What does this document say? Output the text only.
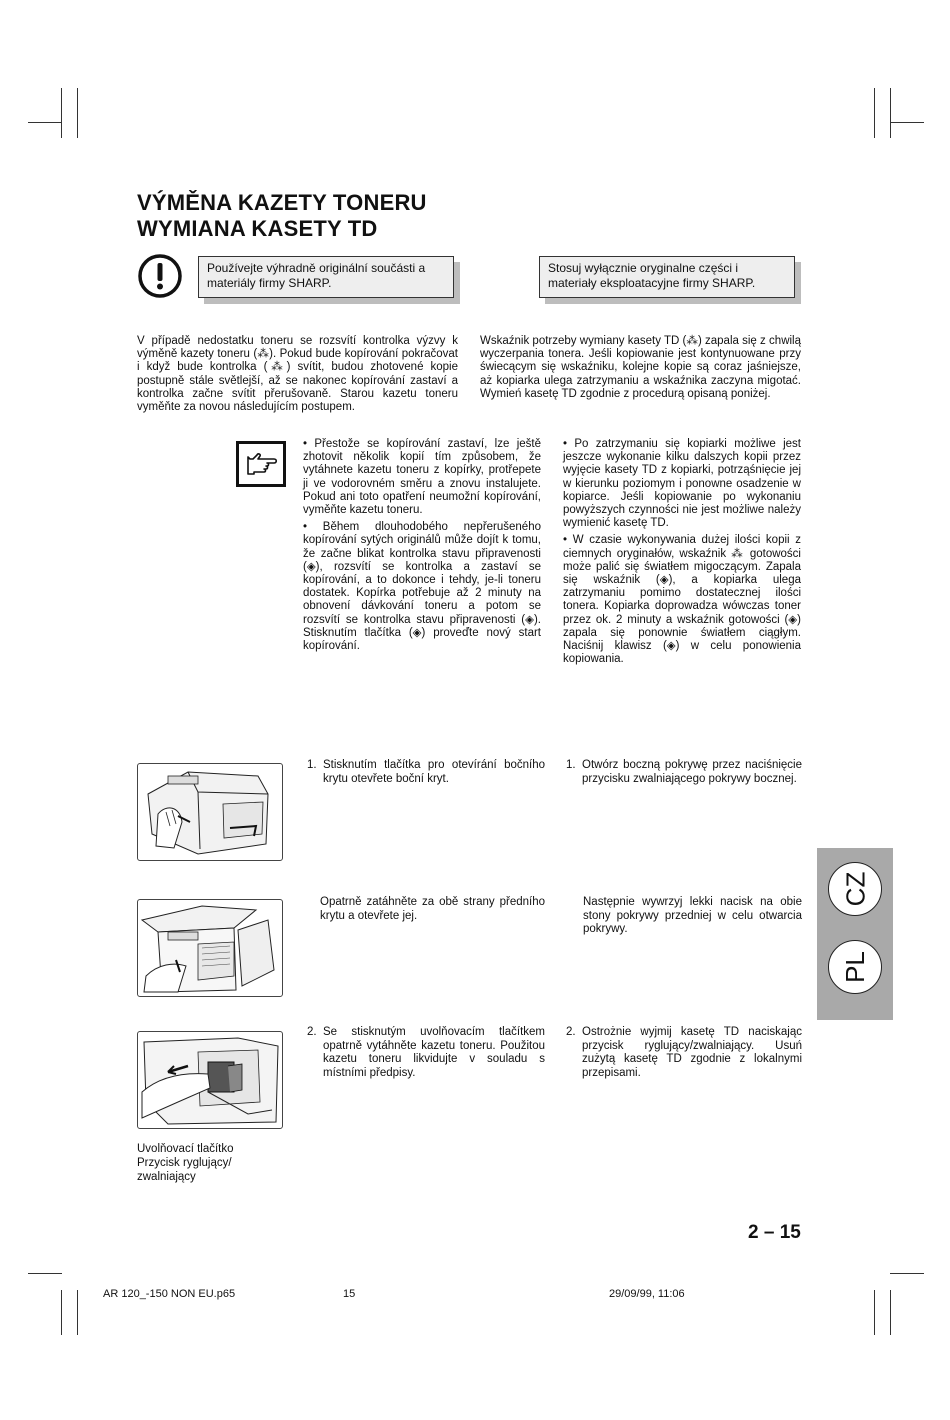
VÝMĚNA KAZETY TONERU
WYMIANA KASETY TD
Používejte výhradně originální součásti a materiály firmy SHARP.
Stosuj wyłącznie oryginalne części i materiały eksploatacyjne firmy SHARP.

V případě nedostatku toneru se rozsvítí kontrolka výzvy k výměně kazety toneru (⁂). Pokud bude kopírování pokračovat i když bude kontrolka (⁂) svítit, budou zhotovené kopie postupně stále světlejší, až se nakonec kopírování zastaví a kontrolka začne svítit přerušovaně. Starou kazetu toneru vyměňte za novou následujícím postupem.

Wskaźnik potrzeby wymiany kasety TD (⁂) zapala się z chwilą wyczerpania tonera. Jeśli kopiowanie jest kontynuowane przy świecącym się wskaźniku, kolejne kopie są coraz jaśniejsze, aż kopiarka ulega zatrzymaniu a wskaźnika zaczyna migotać. Wymień kasetę TD zgodnie z procedurą opisaną poniżej.

• Přestože se kopírování zastaví, lze ještě zhotovit několik kopií tím způsobem, že vytáhnete kazetu toneru z kopírky, protřepete ji ve vodorovném směru a znovu instalujete. Pokud ani toto opatření neumožní kopírování, vyměňte kazetu toneru.

• Během dlouhodobého nepřerušeného kopírování sytých originálů může dojít k tomu, že začne blikat kontrolka stavu připravenosti (◈), rozsvítí se kontrolka a zastaví se kopírování, a to dokonce i tehdy, je-li toneru dostatek. Kopírka potřebuje až 2 minuty na obnovení dávkování toneru a potom se rozsvítí se kontrolka stavu připravenosti (◈). Stisknutím tlačítka (◈) proveďte nový start kopírování.

• Po zatrzymaniu się kopiarki możliwe jest jeszcze wykonanie kilku dalszych kopii przez wyjęcie kasety TD z kopiarki, potrząśnięcie jej w kierunku poziomym i ponowne osadzenie w kopiarce. Jeśli kopiowanie po wykonaniu powyższych czynności nie jest możliwe należy wymienić kasetę TD.

• W czasie wykonywania dużej ilości kopii z ciemnych oryginałów, wskaźnik ⁂ gotowości może palić się światłem migoczącym. Zapala się wskaźnik (◈), a kopiarka ulega zatrzymaniu pomimo dostatecznej ilości tonera. Kopiarka doprowadza wówczas toner przez ok. 2 minuty a wskaźnik gotowości (◈) zapala się ponownie światłem ciągłym. Naciśnij klawisz (◈) w celu ponowienia kopiowania.

1. Stisknutím tlačítka pro otevírání bočního krytu otevřete boční kryt.
1. Otwórz boczną pokrywę przez naciśnięcie przycisku zwalniającego pokrywy bocznej.
Opatrně zatáhněte za obě strany předního krytu a otevřete jej.
Następnie wywrzyj lekki nacisk na obie stony pokrywy przedniej w celu otwarcia pokrywy.
2. Se stisknutým uvolňovacím tlačítkem opatrně vytáhněte kazetu toneru. Použitou kazetu toneru likvidujte v souladu s místními předpisy.
2. Ostrożnie wyjmij kasetę TD naciskając przycisk ryglujący/zwalniający. Usuń zużytą kasetę TD zgodnie z lokalnymi przepisami.
Uvolňovací tlačítko
Przycisk ryglujący/
zwalniający
CZ
PL
2 – 15
AR 120_-150 NON EU.p65	15	29/09/99, 11:06
